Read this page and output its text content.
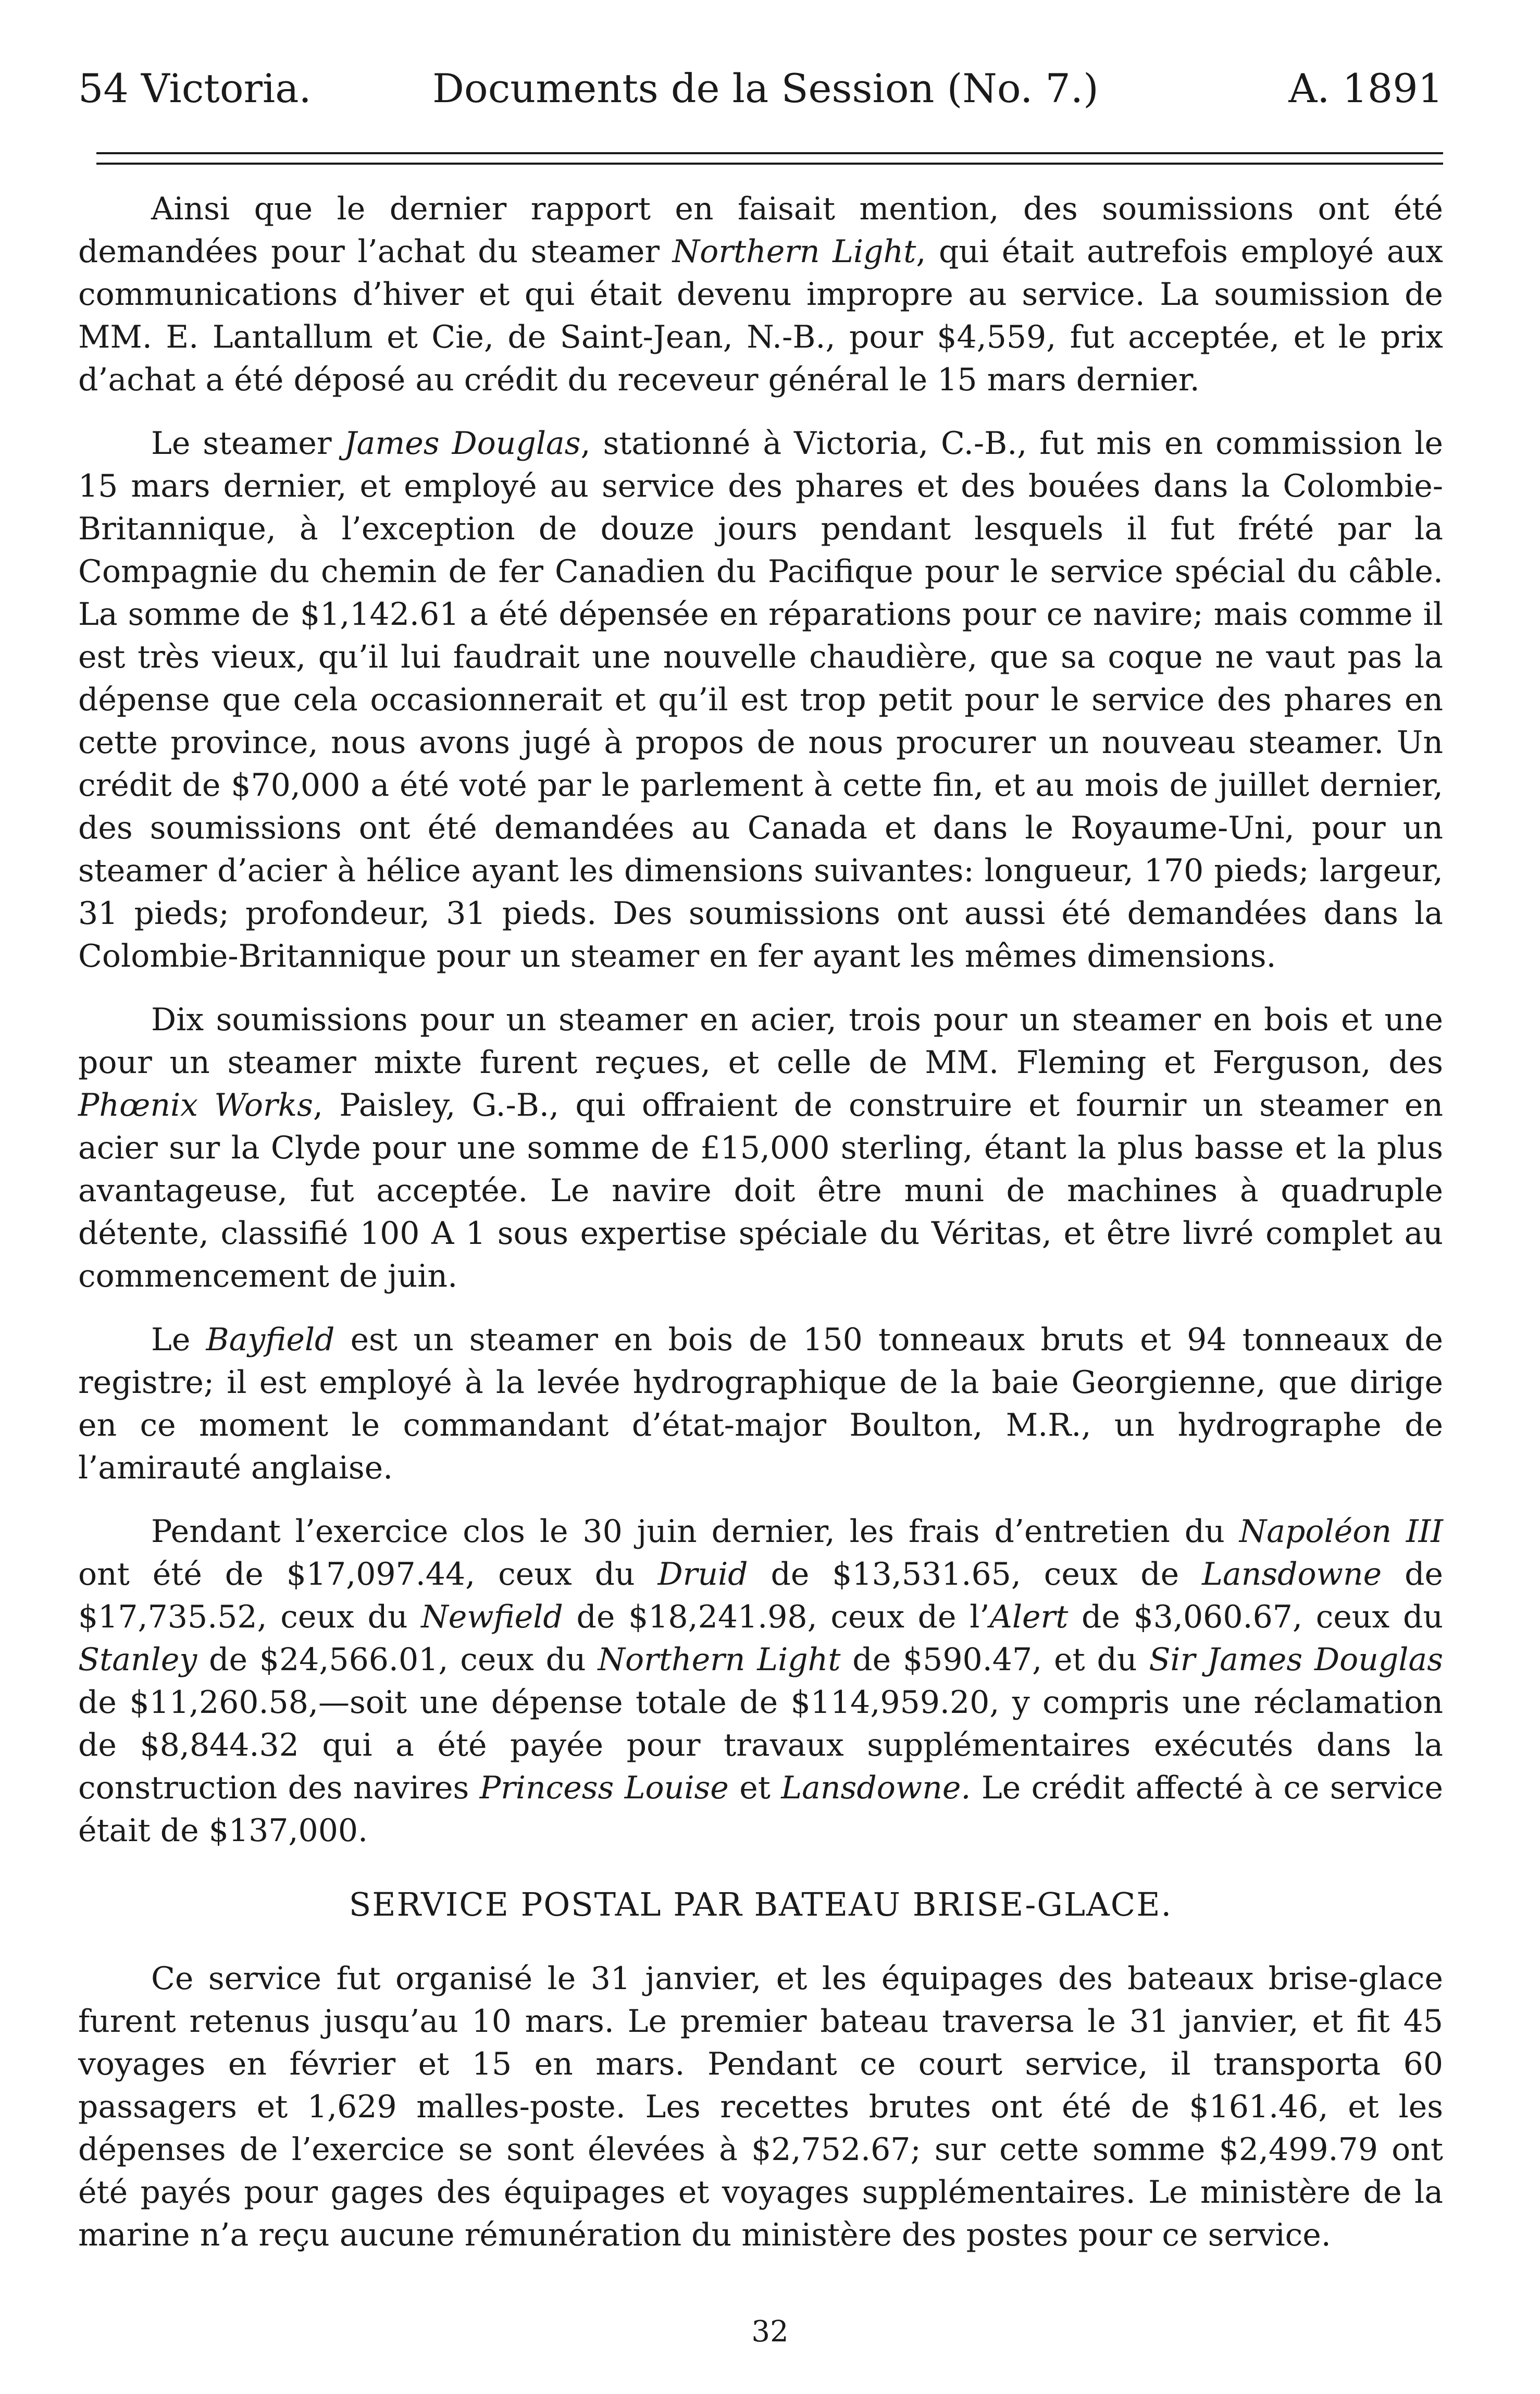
54 Victoria.	Documents de la Session (No. 7.)	A. 1891

Ainsi que le dernier rapport en faisait mention, des soumissions ont été demandées pour l’achat du steamer Northern Light, qui était autrefois employé aux communications d’hiver et qui était devenu impropre au service. La soumission de MM. E. Lantallum et Cie, de Saint-Jean, N.-B., pour $4,559, fut acceptée, et le prix d’achat a été déposé au crédit du receveur général le 15 mars dernier.

Le steamer James Douglas, stationné à Victoria, C.-B., fut mis en commission le 15 mars dernier, et employé au service des phares et des bouées dans la Colombie-Britannique, à l’exception de douze jours pendant lesquels il fut frété par la Compagnie du chemin de fer Canadien du Pacifique pour le service spécial du câble. La somme de $1,142.61 a été dépensée en réparations pour ce navire; mais comme il est très vieux, qu’il lui faudrait une nouvelle chaudière, que sa coque ne vaut pas la dépense que cela occasionnerait et qu’il est trop petit pour le service des phares en cette province, nous avons jugé à propos de nous procurer un nouveau steamer. Un crédit de $70,000 a été voté par le parlement à cette fin, et au mois de juillet dernier, des soumissions ont été demandées au Canada et dans le Royaume-Uni, pour un steamer d’acier à hélice ayant les dimensions suivantes: longueur, 170 pieds; largeur, 31 pieds; profondeur, 31 pieds. Des soumissions ont aussi été demandées dans la Colombie-Britannique pour un steamer en fer ayant les mêmes dimensions.

Dix soumissions pour un steamer en acier, trois pour un steamer en bois et une pour un steamer mixte furent reçues, et celle de MM. Fleming et Ferguson, des Phœnix Works, Paisley, G.-B., qui offraient de construire et fournir un steamer en acier sur la Clyde pour une somme de £15,000 sterling, étant la plus basse et la plus avantageuse, fut acceptée. Le navire doit être muni de machines à quadruple détente, classifié 100 A 1 sous expertise spéciale du Véritas, et être livré complet au commencement de juin.

Le Bayfield est un steamer en bois de 150 tonneaux bruts et 94 tonneaux de registre; il est employé à la levée hydrographique de la baie Georgienne, que dirige en ce moment le commandant d’état-major Boulton, M.R., un hydrographe de l’amirauté anglaise.

Pendant l’exercice clos le 30 juin dernier, les frais d’entretien du Napoléon III ont été de $17,097.44, ceux du Druid de $13,531.65, ceux de Lansdowne de $17,735.52, ceux du Newfield de $18,241.98, ceux de l’Alert de $3,060.67, ceux du Stanley de $24,566.01, ceux du Northern Light de $590.47, et du Sir James Douglas de $11,260.58,—soit une dépense totale de $114,959.20, y compris une réclamation de $8,844.32 qui a été payée pour travaux supplémentaires exécutés dans la construction des navires Princess Louise et Lansdowne. Le crédit affecté à ce service était de $137,000.

SERVICE POSTAL PAR BATEAU BRISE-GLACE.

Ce service fut organisé le 31 janvier, et les équipages des bateaux brise-glace furent retenus jusqu’au 10 mars. Le premier bateau traversa le 31 janvier, et fit 45 voyages en février et 15 en mars. Pendant ce court service, il transporta 60 passagers et 1,629 malles-poste. Les recettes brutes ont été de $161.46, et les dépenses de l’exercice se sont élevées à $2,752.67; sur cette somme $2,499.79 ont été payés pour gages des équipages et voyages supplémentaires. Le ministère de la marine n’a reçu aucune rémunération du ministère des postes pour ce service.

32
